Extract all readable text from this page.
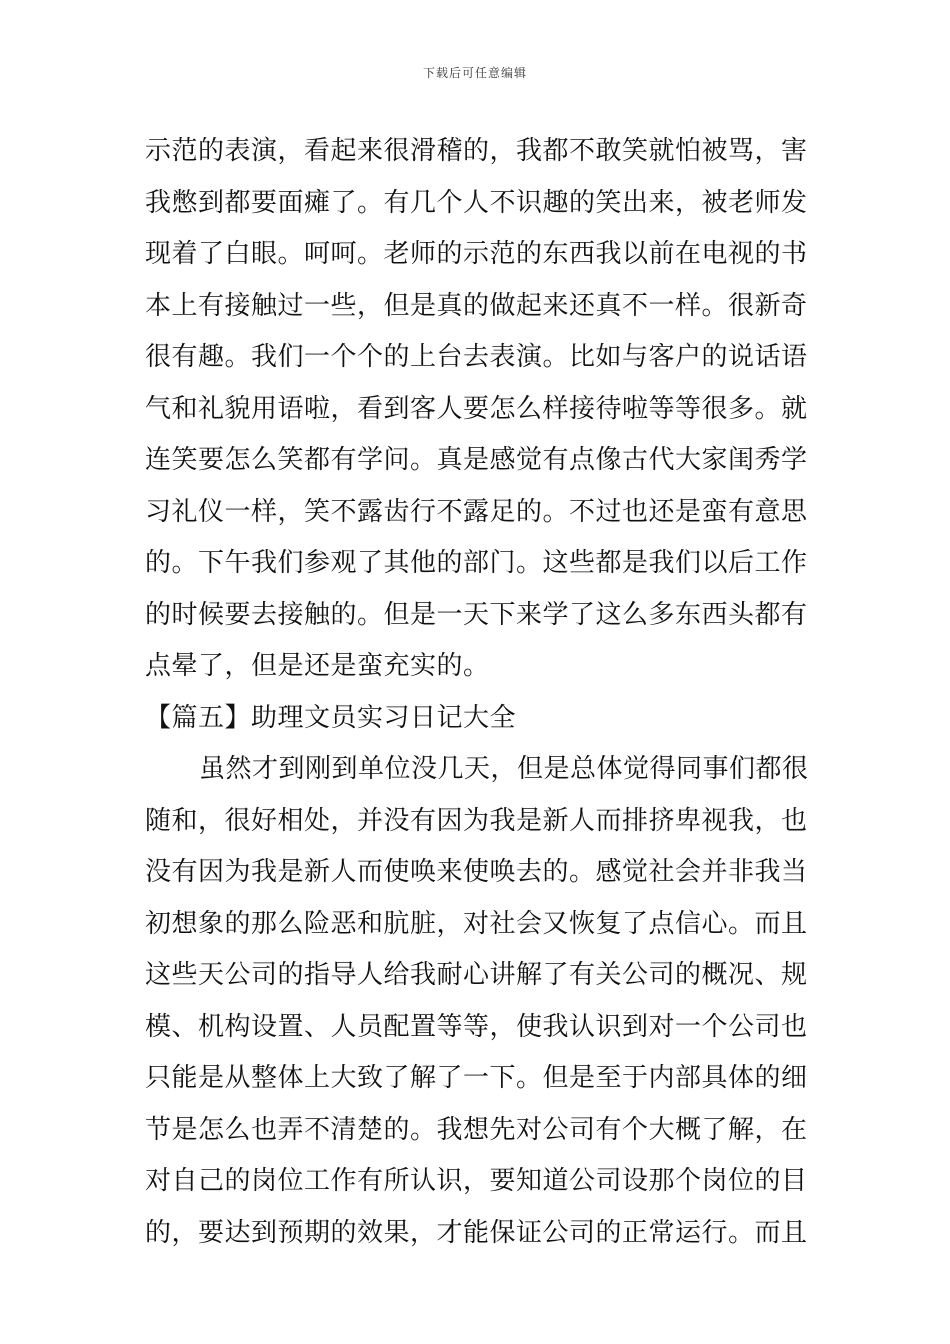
下载后可任意编辑
示范的表演，看起来很滑稽的，我都不敢笑就怕被骂，害
我憋到都要面瘫了。有几个人不识趣的笑出来，被老师发
现着了白眼。呵呵。老师的示范的东西我以前在电视的书
本上有接触过一些，但是真的做起来还真不一样。很新奇
很有趣。我们一个个的上台去表演。比如与客户的说话语
气和礼貌用语啦，看到客人要怎么样接待啦等等很多。就
连笑要怎么笑都有学问。真是感觉有点像古代大家闺秀学
习礼仪一样，笑不露齿行不露足的。不过也还是蛮有意思
的。下午我们参观了其他的部门。这些都是我们以后工作
的时候要去接触的。但是一天下来学了这么多东西头都有
点晕了，但是还是蛮充实的。
【篇五】助理文员实习日记大全
虽然才到刚到单位没几天，但是总体觉得同事们都很
随和，很好相处，并没有因为我是新人而排挤卑视我，也
没有因为我是新人而使唤来使唤去的。感觉社会并非我当
初想象的那么险恶和肮脏，对社会又恢复了点信心。而且
这些天公司的指导人给我耐心讲解了有关公司的概况、规
模、机构设置、人员配置等等，使我认识到对一个公司也
只能是从整体上大致了解了一下。但是至于内部具体的细
节是怎么也弄不清楚的。我想先对公司有个大概了解，在
对自己的岗位工作有所认识，要知道公司设那个岗位的目
的，要达到预期的效果，才能保证公司的正常运行。而且
